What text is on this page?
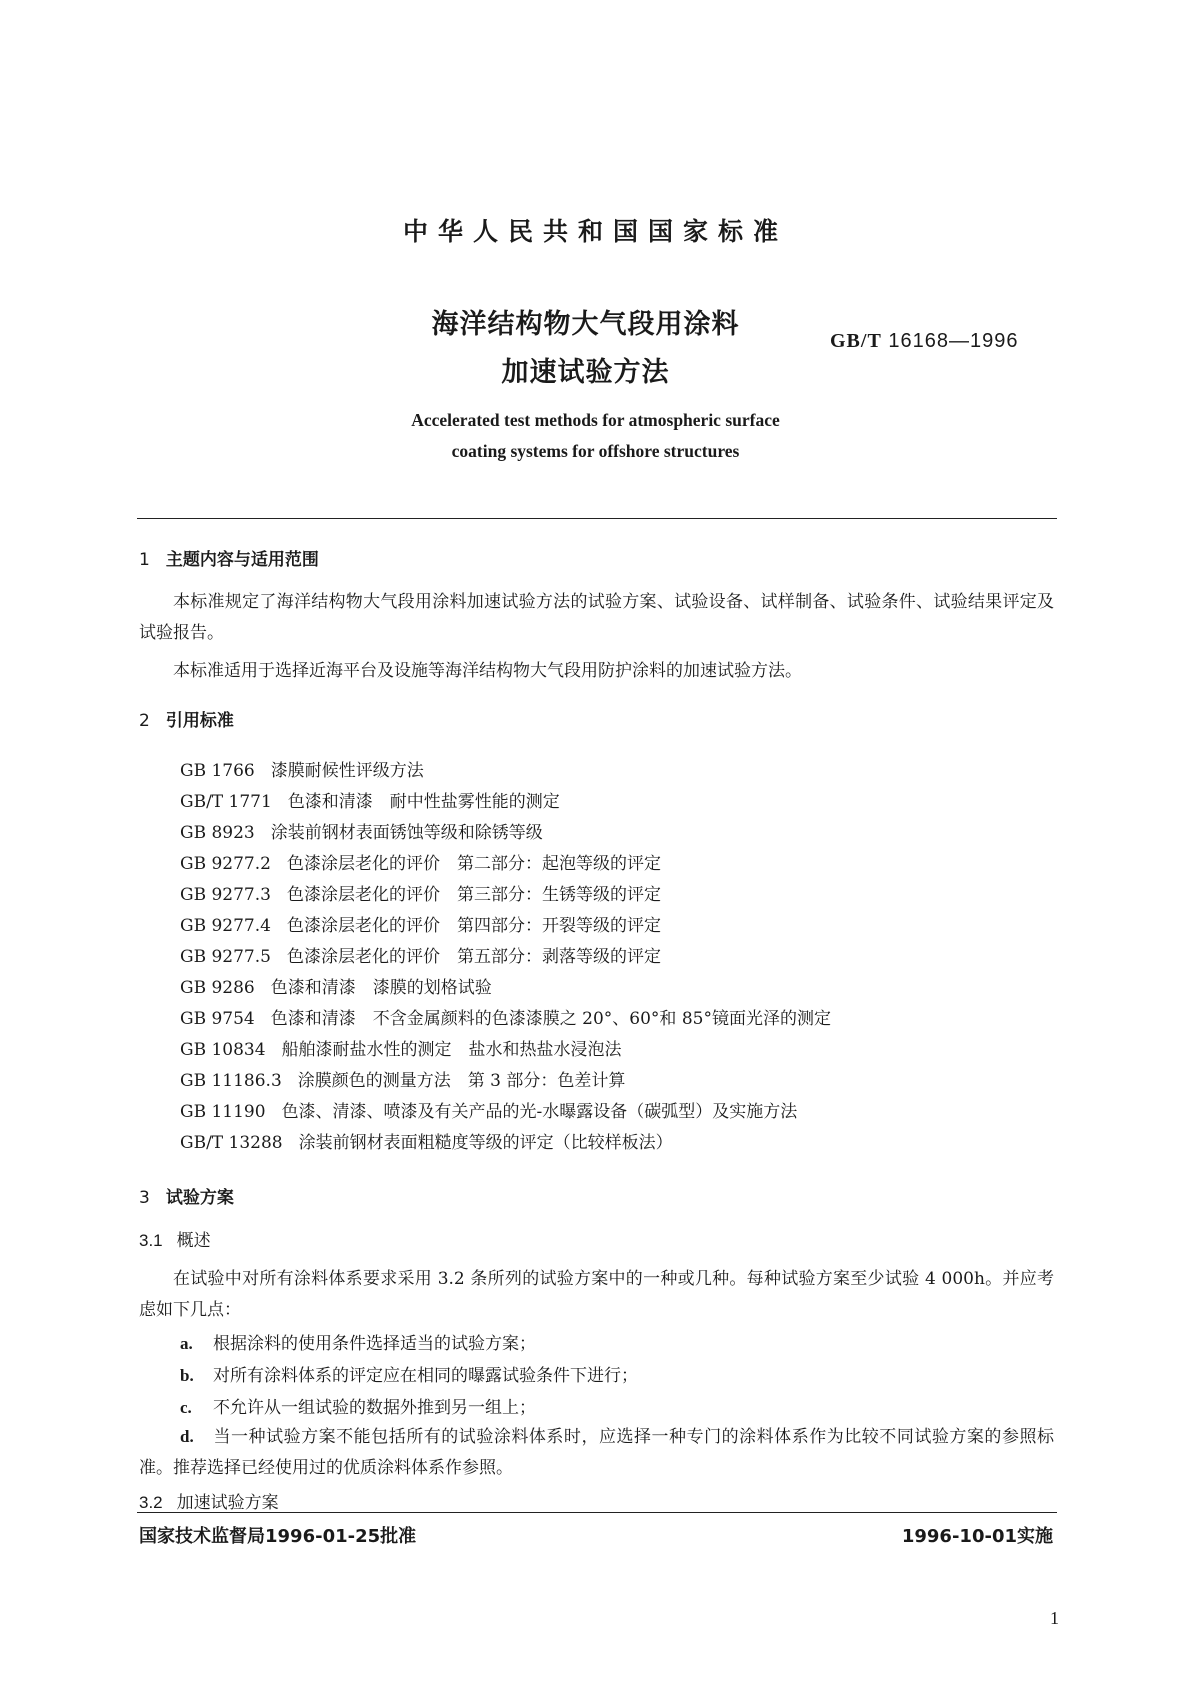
中华人民共和国国家标准
海洋结构物大气段用涂料
加速试验方法
GB/T 16168—1996
Accelerated test methods for atmospheric surface
coating systems for offshore structures
1 主题内容与适用范围
本标准规定了海洋结构物大气段用涂料加速试验方法的试验方案、试验设备、试样制备、试验条件、试验结果评定及试验报告。
本标准适用于选择近海平台及设施等海洋结构物大气段用防护涂料的加速试验方法。
2 引用标准
GB 1766 漆膜耐候性评级方法
GB/T 1771 色漆和清漆　耐中性盐雾性能的测定
GB 8923 涂装前钢材表面锈蚀等级和除锈等级
GB 9277.2 色漆涂层老化的评价　第二部分：起泡等级的评定
GB 9277.3 色漆涂层老化的评价　第三部分：生锈等级的评定
GB 9277.4 色漆涂层老化的评价　第四部分：开裂等级的评定
GB 9277.5 色漆涂层老化的评价　第五部分：剥落等级的评定
GB 9286 色漆和清漆　漆膜的划格试验
GB 9754 色漆和清漆　不含金属颜料的色漆漆膜之 20°、60°和 85°镜面光泽的测定
GB 10834 船舶漆耐盐水性的测定　盐水和热盐水浸泡法
GB 11186.3 涂膜颜色的测量方法　第 3 部分：色差计算
GB 11190 色漆、清漆、喷漆及有关产品的光-水曝露设备（碳弧型）及实施方法
GB/T 13288 涂装前钢材表面粗糙度等级的评定（比较样板法）
3 试验方案
3.1 概述
在试验中对所有涂料体系要求采用 3.2 条所列的试验方案中的一种或几种。每种试验方案至少试验 4 000h。并应考虑如下几点：
a. 根据涂料的使用条件选择适当的试验方案；
b. 对所有涂料体系的评定应在相同的曝露试验条件下进行；
c. 不允许从一组试验的数据外推到另一组上；
d. 当一种试验方案不能包括所有的试验涂料体系时，应选择一种专门的涂料体系作为比较不同试验方案的参照标准。推荐选择已经使用过的优质涂料体系作参照。
3.2 加速试验方案
国家技术监督局1996-01-25批准	1996-10-01实施
1
